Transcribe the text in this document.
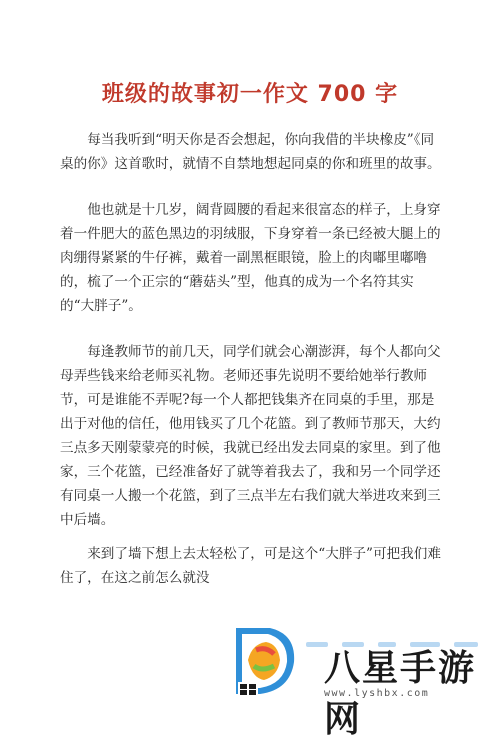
班级的故事初一作文 700 字

每当我听到“明天你是否会想起，你向我借的半块橡皮”《同桌的你》这首歌时，就情不自禁地想起同桌的你和班里的故事。

他也就是十几岁，阔背圆腰的看起来很富态的样子，上身穿着一件肥大的蓝色黑边的羽绒服，下身穿着一条已经被大腿上的肉绷得紧紧的牛仔裤，戴着一副黑框眼镜，脸上的肉嘟里嘟噜的，梳了一个正宗的“蘑菇头”型，他真的成为一个名符其实的“大胖子”。

每逢教师节的前几天，同学们就会心潮澎湃，每个人都向父母弄些钱来给老师买礼物。老师还事先说明不要给她举行教师节，可是谁能不弄呢?每一个人都把钱集齐在同桌的手里，那是出于对他的信任，他用钱买了几个花篮。到了教师节那天，大约三点多天刚蒙蒙亮的时候，我就已经出发去同桌的家里。到了他家，三个花篮，已经准备好了就等着我去了，我和另一个同学还有同桌一人搬一个花篮，到了三点半左右我们就大举进攻来到三中后墙。

来到了墙下想上去太轻松了，可是这个“大胖子”可把我们难住了，在这之前怎么就没

八星手游网
www.lyshbx.com
